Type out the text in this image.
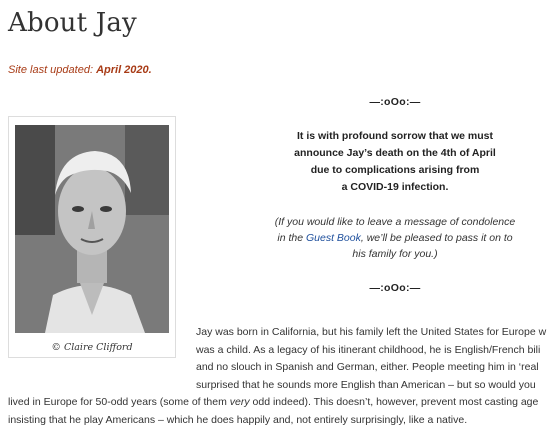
About Jay
Site last updated: April 2020.
© Claire Clifford
—:oOo:—
It is with profound sorrow that we must
announce Jay’s death on the 4th of April
due to complications arising from
a COVID-19 infection.
(If you would like to leave a message of condolence
in the Guest Book, we’ll be pleased to pass it on to
his family for you.)
—:oOo:—
Jay was born in California, but his family left the United States for Europe w
was a child. As a legacy of his itinerant childhood, he is English/French bili
and no slouch in Spanish and German, either. People meeting him in ‘real
surprised that he sounds more English than American – but so would you
lived in Europe for 50-odd years (some of them very odd indeed). This doesn’t, however, prevent most casting age
insisting that he play Americans – which he does happily and, not entirely surprisingly, like a native.
